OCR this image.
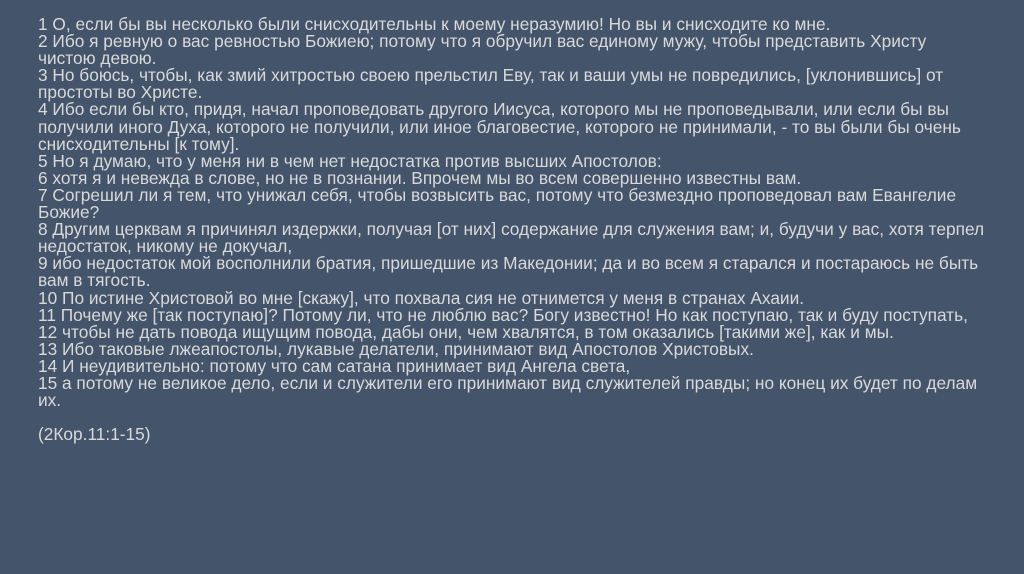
1 О, если бы вы несколько были снисходительны к моему неразумию! Но вы и снисходите ко мне.

2 Ибо я ревную о вас ревностью Божиею; потому что я обручил вас единому мужу, чтобы представить Христу чистою девою.

3 Но боюсь, чтобы, как змий хитростью своею прельстил Еву, так и ваши умы не повредились, [уклонившись] от простоты во Христе.

4 Ибо если бы кто, придя, начал проповедовать другого Иисуса, которого мы не проповедывали, или если бы вы получили иного Духа, которого не получили, или иное благовестие, которого не принимали, - то вы были бы очень снисходительны [к тому].

5 Но я думаю, что у меня ни в чем нет недостатка против высших Апостолов:

6 хотя я и невежда в слове, но не в познании. Впрочем мы во всем совершенно известны вам.

7 Согрешил ли я тем, что унижал себя, чтобы возвысить вас, потому что безмездно проповедовал вам Евангелие Божие?

8 Другим церквам я причинял издержки, получая [от них] содержание для служения вам; и, будучи у вас, хотя терпел недостаток, никому не докучал,

9 ибо недостаток мой восполнили братия, пришедшие из Македонии; да и во всем я старался и постараюсь не быть вам в тягость.

10 По истине Христовой во мне [скажу], что похвала сия не отнимется у меня в странах Ахаии.

11 Почему же [так поступаю]? Потому ли, что не люблю вас? Богу известно! Но как поступаю, так и буду поступать,

12 чтобы не дать повода ищущим повода, дабы они, чем хвалятся, в том оказались [такими же], как и мы.

13 Ибо таковые лжеапостолы, лукавые делатели, принимают вид Апостолов Христовых.

14 И неудивительно: потому что сам сатана принимает вид Ангела света,

15 а потому не великое дело, если и служители его принимают вид служителей правды; но конец их будет по делам их.

(2Кор.11:1-15)
